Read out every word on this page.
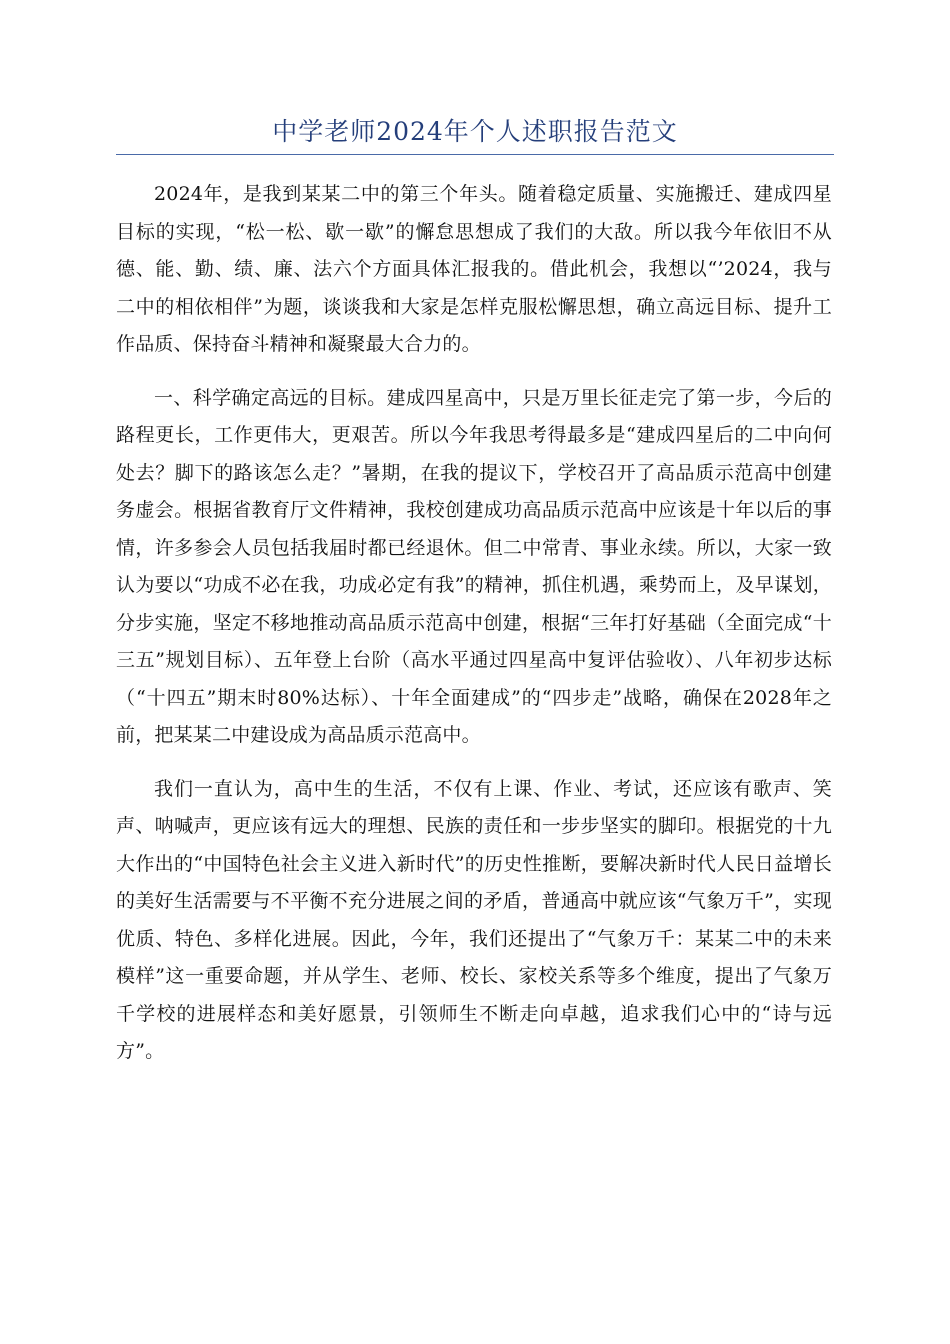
中学老师2024年个人述职报告范文

2024年，是我到某某二中的第三个年头。随着稳定质量、实施搬迁、建成四星目标的实现，“松一松、歇一歇”的懈怠思想成了我们的大敌。所以我今年依旧不从德、能、勤、绩、廉、法六个方面具体汇报我的。借此机会，我想以“’2024，我与二中的相依相伴”为题，谈谈我和大家是怎样克服松懈思想，确立高远目标、提升工作品质、保持奋斗精神和凝聚最大合力的。

一、科学确定高远的目标。建成四星高中，只是万里长征走完了第一步，今后的路程更长，工作更伟大，更艰苦。所以今年我思考得最多是“建成四星后的二中向何处去？脚下的路该怎么走？”暑期，在我的提议下，学校召开了高品质示范高中创建务虚会。根据省教育厅文件精神，我校创建成功高品质示范高中应该是十年以后的事情，许多参会人员包括我届时都已经退休。但二中常青、事业永续。所以，大家一致认为要以“功成不必在我，功成必定有我”的精神，抓住机遇，乘势而上，及早谋划，分步实施，坚定不移地推动高品质示范高中创建，根据“三年打好基础（全面完成“十三五”规划目标）、五年登上台阶（高水平通过四星高中复评估验收）、八年初步达标（“十四五”期末时80%达标）、十年全面建成”的“四步走”战略，确保在2028年之前，把某某二中建设成为高品质示范高中。

我们一直认为，高中生的生活，不仅有上课、作业、考试，还应该有歌声、笑声、呐喊声，更应该有远大的理想、民族的责任和一步步坚实的脚印。根据党的十九大作出的“中国特色社会主义进入新时代”的历史性推断，要解决新时代人民日益增长的美好生活需要与不平衡不充分进展之间的矛盾，普通高中就应该“气象万千”，实现优质、特色、多样化进展。因此，今年，我们还提出了“气象万千：某某二中的未来模样”这一重要命题，并从学生、老师、校长、家校关系等多个维度，提出了气象万千学校的进展样态和美好愿景，引领师生不断走向卓越，追求我们心中的“诗与远方”。
